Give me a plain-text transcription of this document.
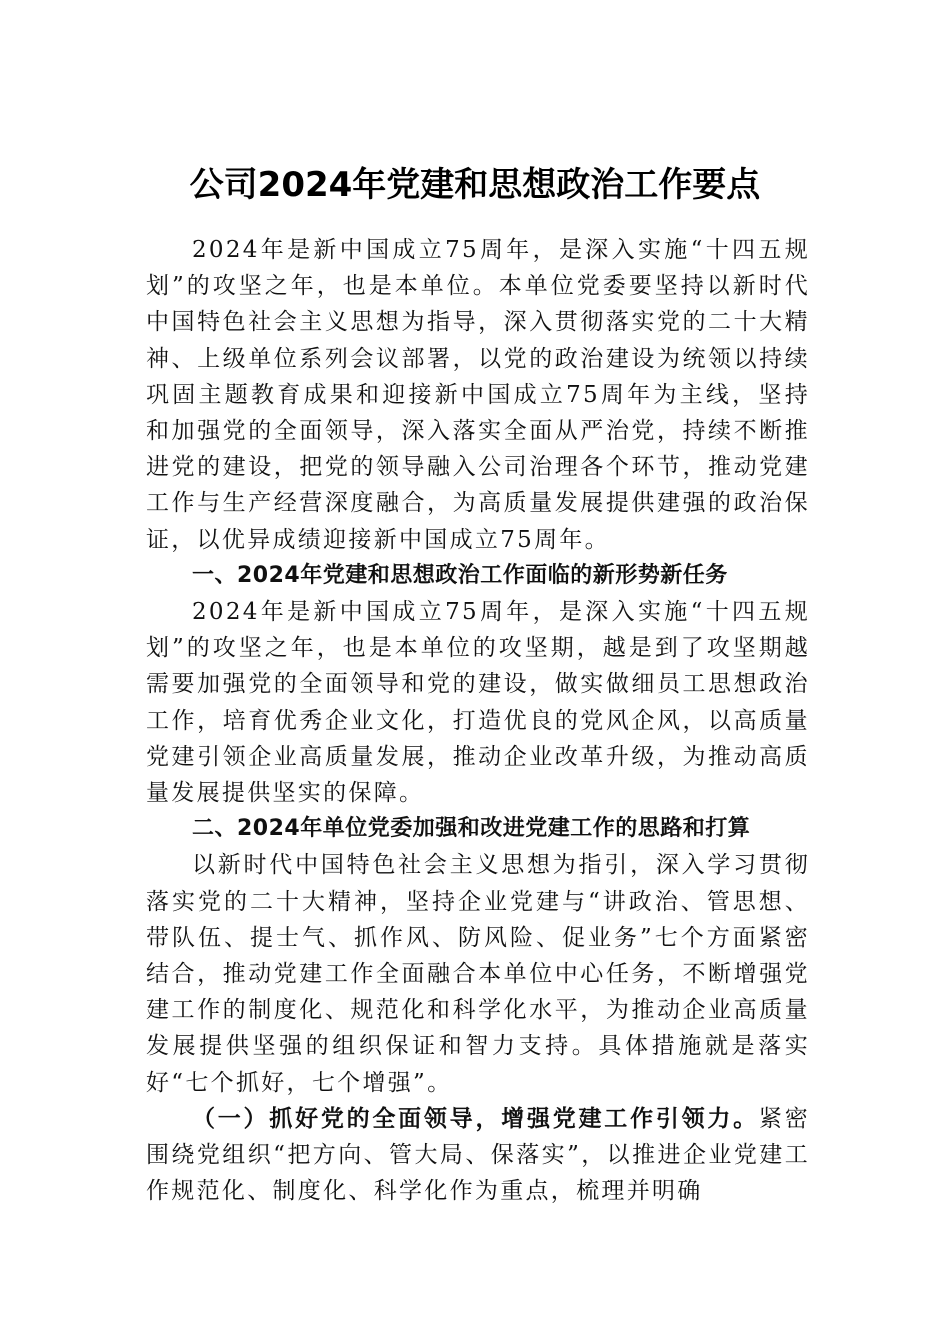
公司2024年党建和思想政治工作要点

2024年是新中国成立75周年，是深入实施“十四五规划”的攻坚之年，也是本单位。本单位党委要坚持以新时代中国特色社会主义思想为指导，深入贯彻落实党的二十大精神、上级单位系列会议部署，以党的政治建设为统领以持续巩固主题教育成果和迎接新中国成立75周年为主线，坚持和加强党的全面领导，深入落实全面从严治党，持续不断推进党的建设，把党的领导融入公司治理各个环节，推动党建工作与生产经营深度融合，为高质量发展提供建强的政治保证，以优异成绩迎接新中国成立75周年。

一、2024年党建和思想政治工作面临的新形势新任务

2024年是新中国成立75周年，是深入实施“十四五规划”的攻坚之年，也是本单位的攻坚期，越是到了攻坚期越需要加强党的全面领导和党的建设，做实做细员工思想政治工作，培育优秀企业文化，打造优良的党风企风，以高质量党建引领企业高质量发展，推动企业改革升级，为推动高质量发展提供坚实的保障。

二、2024年单位党委加强和改进党建工作的思路和打算

以新时代中国特色社会主义思想为指引，深入学习贯彻落实党的二十大精神，坚持企业党建与“讲政治、管思想、带队伍、提士气、抓作风、防风险、促业务”七个方面紧密结合，推动党建工作全面融合本单位中心任务，不断增强党建工作的制度化、规范化和科学化水平，为推动企业高质量发展提供坚强的组织保证和智力支持。具体措施就是落实好“七个抓好，七个增强”。

（一）抓好党的全面领导，增强党建工作引领力。紧密围绕党组织“把方向、管大局、保落实”，以推进企业党建工作规范化、制度化、科学化作为重点，梳理并明确
